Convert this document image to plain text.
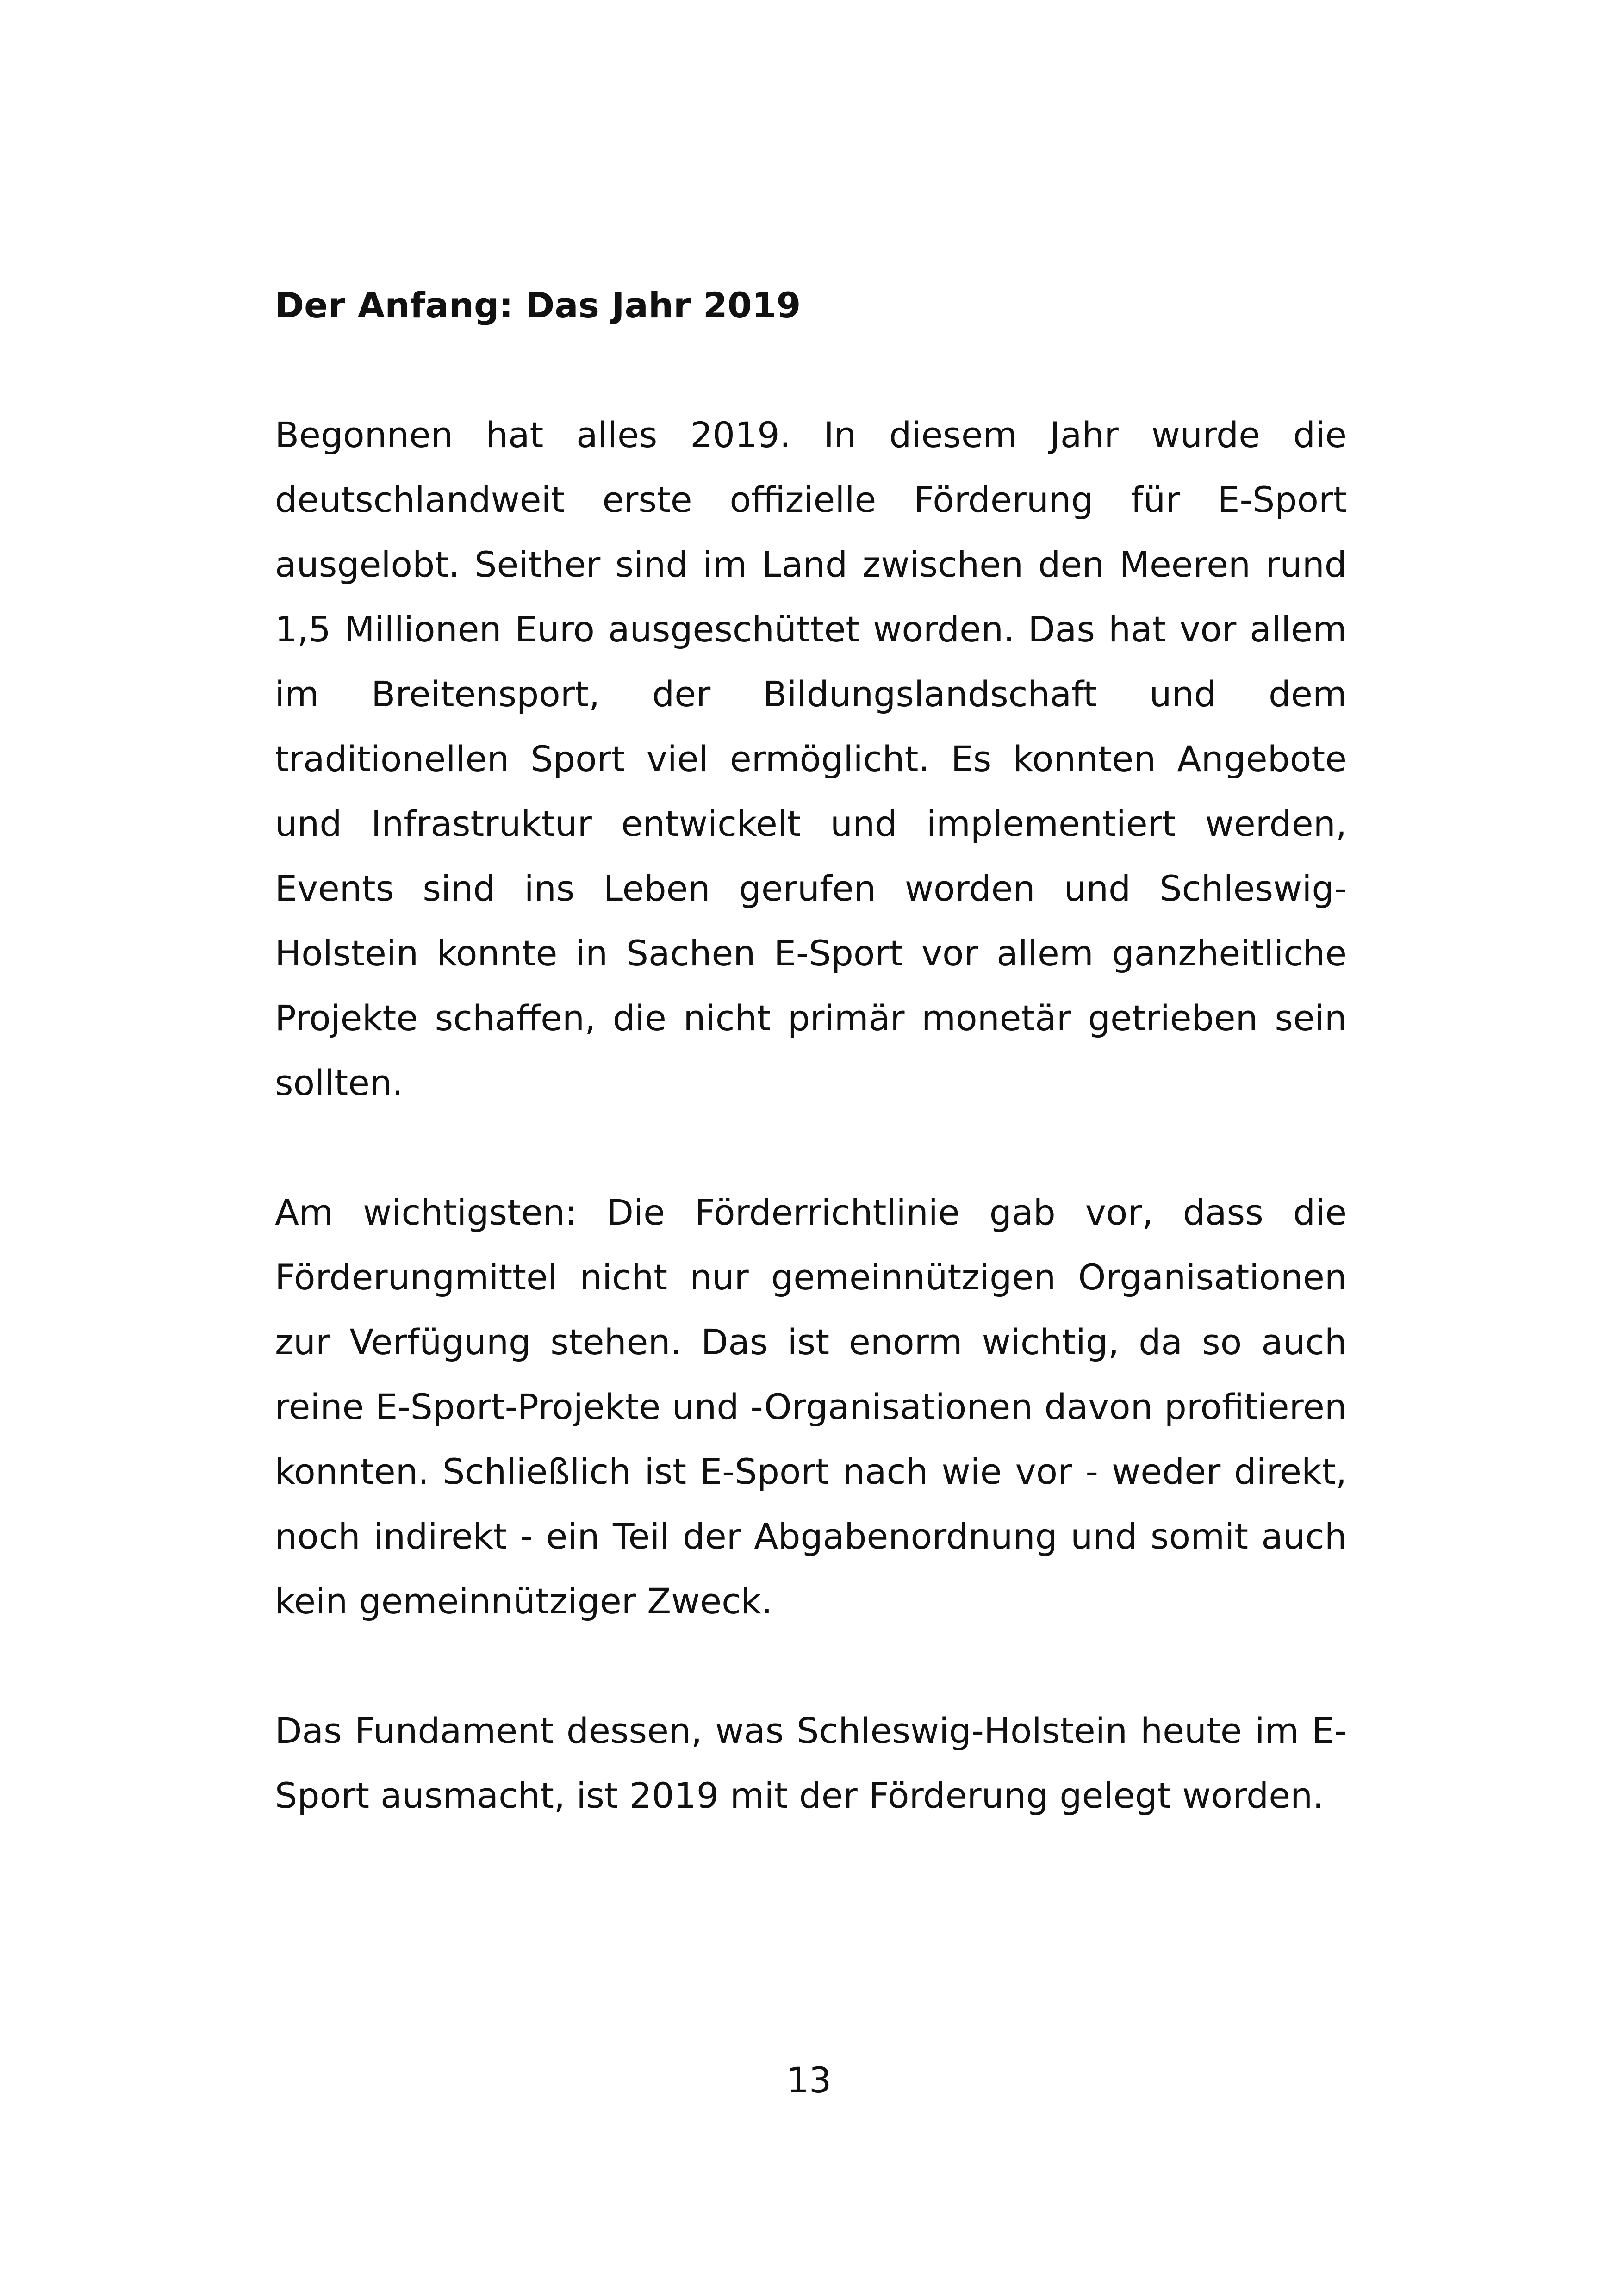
Der Anfang: Das Jahr 2019

Begonnen hat alles 2019. In diesem Jahr wurde die deutschlandweit erste offizielle Förderung für E-Sport ausgelobt. Seither sind im Land zwischen den Meeren rund 1,5 Millionen Euro ausgeschüttet worden. Das hat vor allem im Breitensport, der Bildungslandschaft und dem traditionellen Sport viel ermöglicht. Es konnten Angebote und Infrastruktur entwickelt und implementiert werden, Events sind ins Leben gerufen worden und Schleswig-Holstein konnte in Sachen E-Sport vor allem ganzheitliche Projekte schaffen, die nicht primär monetär getrieben sein sollten.

Am wichtigsten: Die Förderrichtlinie gab vor, dass die Förderungmittel nicht nur gemeinnützigen Organisationen zur Verfügung stehen. Das ist enorm wichtig, da so auch reine E-Sport-Projekte und -Organisationen davon profitieren konnten. Schließlich ist E-Sport nach wie vor - weder direkt, noch indirekt - ein Teil der Abgabenordnung und somit auch kein gemeinnütziger Zweck.

Das Fundament dessen, was Schleswig-Holstein heute im E-Sport ausmacht, ist 2019 mit der Förderung gelegt worden.

13
